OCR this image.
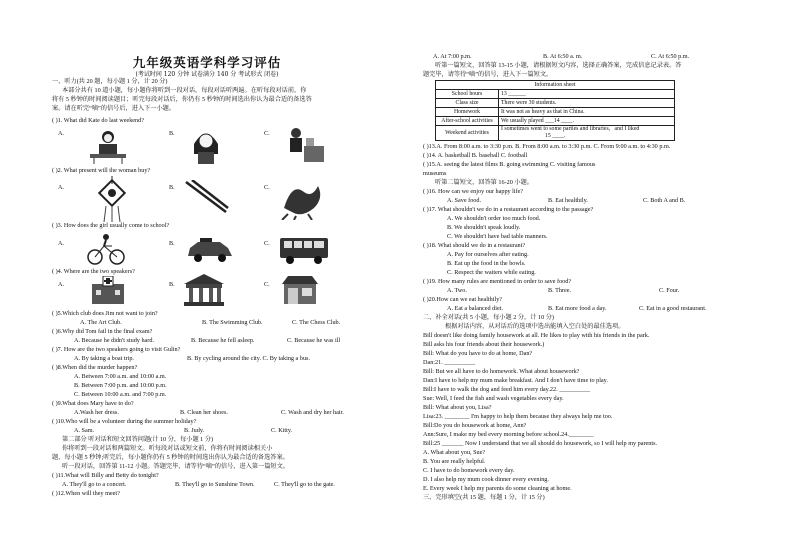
九年级英语学科学习评估
(考试时间 120 分钟 试卷满分 140 分 考试形式 闭卷)
一、听力(共 20 题，每小题 1 分，计 20 分)
本部分共有 10 道小题，每小题你将听到一段对话，每段对话听两遍。在听每段对话前，你
将有 5 秒钟的时间阅读题目；听完每段对话后，你仍有 5 秒钟的时间选出你认为最合适的备选答
案。请在听完“嘀”的信号后，进入下一小题。
( )1. What did Kate do last weekend?
A.	B.	C.
( )2. What present will the woman buy?
A.	B.	C.
( )3. How does the girl usually come to school?
A.	B.	C.
( )4. Where are the two speakers?
A.	B.	C.
( )5.Which club does Jim not want to join?
A. The Art Club.	B. The Swimming Club.	C. The Chess Club.
( )6.Why did Tom fail in the final exam?
A. Because he didn't study hard.	B. Because he fell asleep.	C. Because he was ill
( )7. How are the two speakers going to visit Gulin?
A. By taking a boat trip.	B. By cycling around the city. C. By taking a bus.
( )8.When did the murder happen?
A. Between 7:00 a.m. and 10:00 a.m.
B. Between 7:00 p.m. and 10:00 p.m.
C. Between 10:00 a.m. and 7:00 p.m.
( )9.What does Mary have to do?
A.Wash her dress.	B. Clean her shoes.	C. Wash and dry her hair.
( )10.Who will be a volunteer during the summer holiday?
A. Sam.	B. Judy.	C. Kitty.
第二部分 听对话和短文回答问题(计 10 分，每小题 1 分)
你将听到一段对话和两篇短文。听每段对话或短文前，你将有时间阅读相关小
题，每小题 5 秒钟;听完后，每小题你仍有 5 秒钟的时间选出你认为最合适的备选答案。
听一段对话，回答第 11-12 小题。答题完毕，请等待“嘀”的信号，进入第一篇短文。
( )11.What will Billy and Betty do tonight?
A. They'll go to a concert.	B. They'll go to Sunshine Town.	C. They'll go to the gate.
( )12.When will they meet?
A. At 7:00 p.m.	B. At 6:50 a. m.	C. At 6:50 p.m.
听第一篇短文，回答第 13-15 小题，请根据短文内容，选择正确答案，完成信息记录表。答
题完毕，请等待“嘀”的信号，进入下一篇短文。
Information sheet	
School hours	13 ______
Class size	There were 30 students.
Homework	It was not as heavy as that in China.
After-school activities	We usually played ___14 ____.
Weekend activities	I sometimes went to some parties and libraries，and I liked
15 ____.
( )13.A. From 8:00 a.m. to 3:30 p.m. B. From 8:00 a.m. to 3:30 p.m. C. From 9:00 a.m. to 4:30 p.m.
( )14. A. basketball B. baseball C. football
( )15.A. seeing the latest films B. going swimming C. visiting famous
museums
听第二篇短文，回答第 16-20 小题。
( )16. How can we enjoy our happy life?
A. Save food.	B. Eat healthily.	C. Both A and B.
( )17. What shouldn't we do in a restaurant according to the passage?
A. We shouldn't order too much food.
B. We shouldn't speak loudly.
C. We shouldn't have bad table manners.
( )18. What should we do in a restaurant?
A. Pay for ourselves after eating.
B. Eat up the food in the bowls.
C. Respect the waiters while eating.
( )19. How many rules are mentioned in order to save food?
A. Two.	B. Three.	C. Four.
( )20.How can we eat healthily?
A. Eat a balanced diet.	B. Eat more food a day.	C. Eat in a good restaurant.
二、补全对话(共 5 小题，每小题 2 分，计 10 分)
根据对话内容，从对话后的选项中选出能填入空白处的最佳选项。
Bill doesn't like doing family housework at all. He likes to play with his friends in the park.
Bill asks his four friends about their housework.)
Bill: What do you have to do at home, Dan?
Dan:21. __________
Bill: But we all have to do homework. What about housework?
Dan:I have to help my mum make breakfast. And I don't have time to play.
Bill:I have to walk the dog and feed him every day.22. __________
Sue: Well, I feed the fish and wash vegetables every day.
Bill: What about you, Lisa?
Lisa:23. ________ I'm happy to help them because they always help me too.
Bill:Do you do housework at home, Ann?
Ann:Sure, I make my bed every morning before school.24.________
Bill:25 _______ Now I understand that we all should do housework, so I will help my parents.
A. What about you, Sue?
B. You are really helpful.
C. I have to do homework every day.
D. I also help my mum cook dinner every evening.
E. Every week I help my parents do some cleaning at home.
三、完形填空(共 15 题，每题 1 分，计 15 分)
